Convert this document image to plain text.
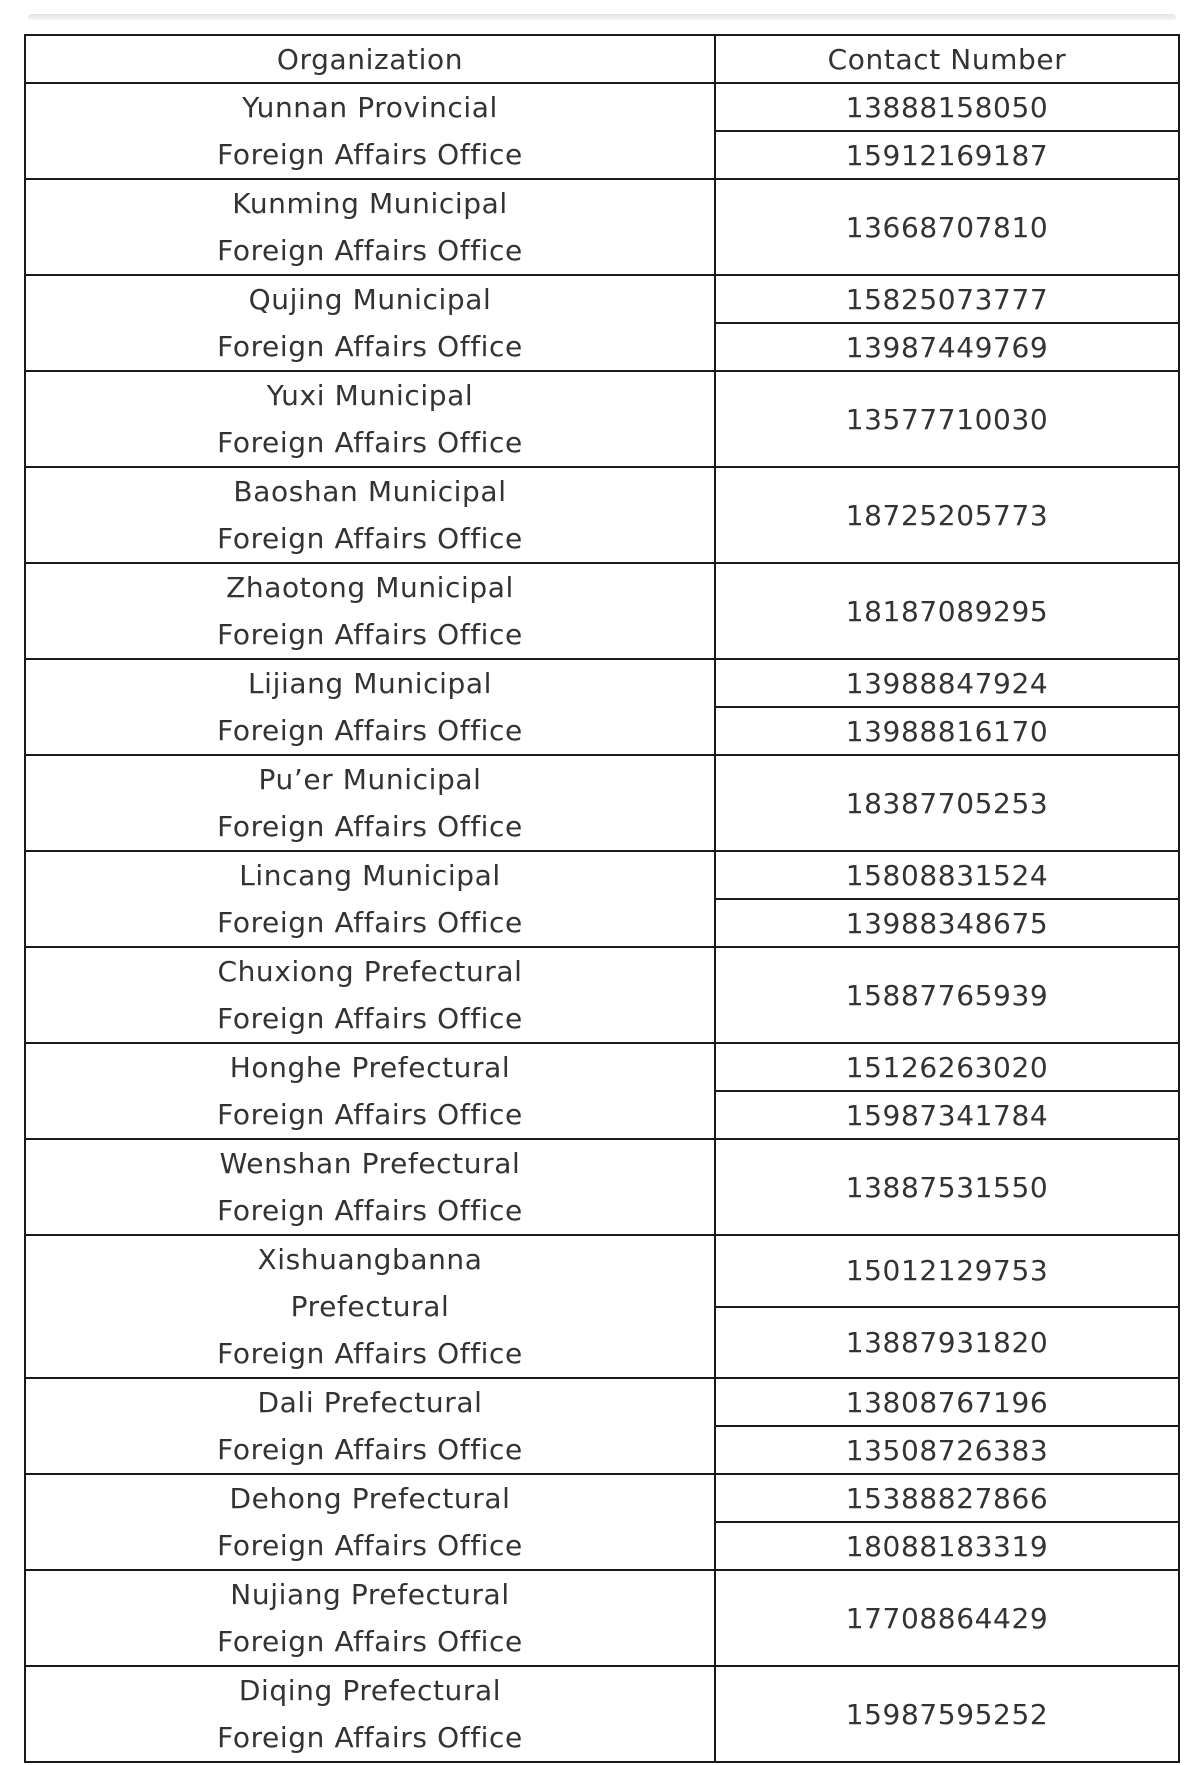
Organization	Contact Number

Yunnan Provincial
Foreign Affairs Office	13888158050
	15912169187

Kunming Municipal
Foreign Affairs Office	13668707810

Qujing Municipal
Foreign Affairs Office	15825073777
	13987449769

Yuxi Municipal
Foreign Affairs Office	13577710030

Baoshan Municipal
Foreign Affairs Office	18725205773

Zhaotong Municipal
Foreign Affairs Office	18187089295

Lijiang Municipal
Foreign Affairs Office	13988847924
	13988816170

Pu’er Municipal
Foreign Affairs Office	18387705253

Lincang Municipal
Foreign Affairs Office	15808831524
	13988348675

Chuxiong Prefectural
Foreign Affairs Office	15887765939

Honghe Prefectural
Foreign Affairs Office	15126263020
	15987341784

Wenshan Prefectural
Foreign Affairs Office	13887531550

Xishuangbanna
Prefectural
Foreign Affairs Office	15012129753
	13887931820

Dali Prefectural
Foreign Affairs Office	13808767196
	13508726383

Dehong Prefectural
Foreign Affairs Office	15388827866
	18088183319

Nujiang Prefectural
Foreign Affairs Office	17708864429

Diqing Prefectural
Foreign Affairs Office	15987595252
